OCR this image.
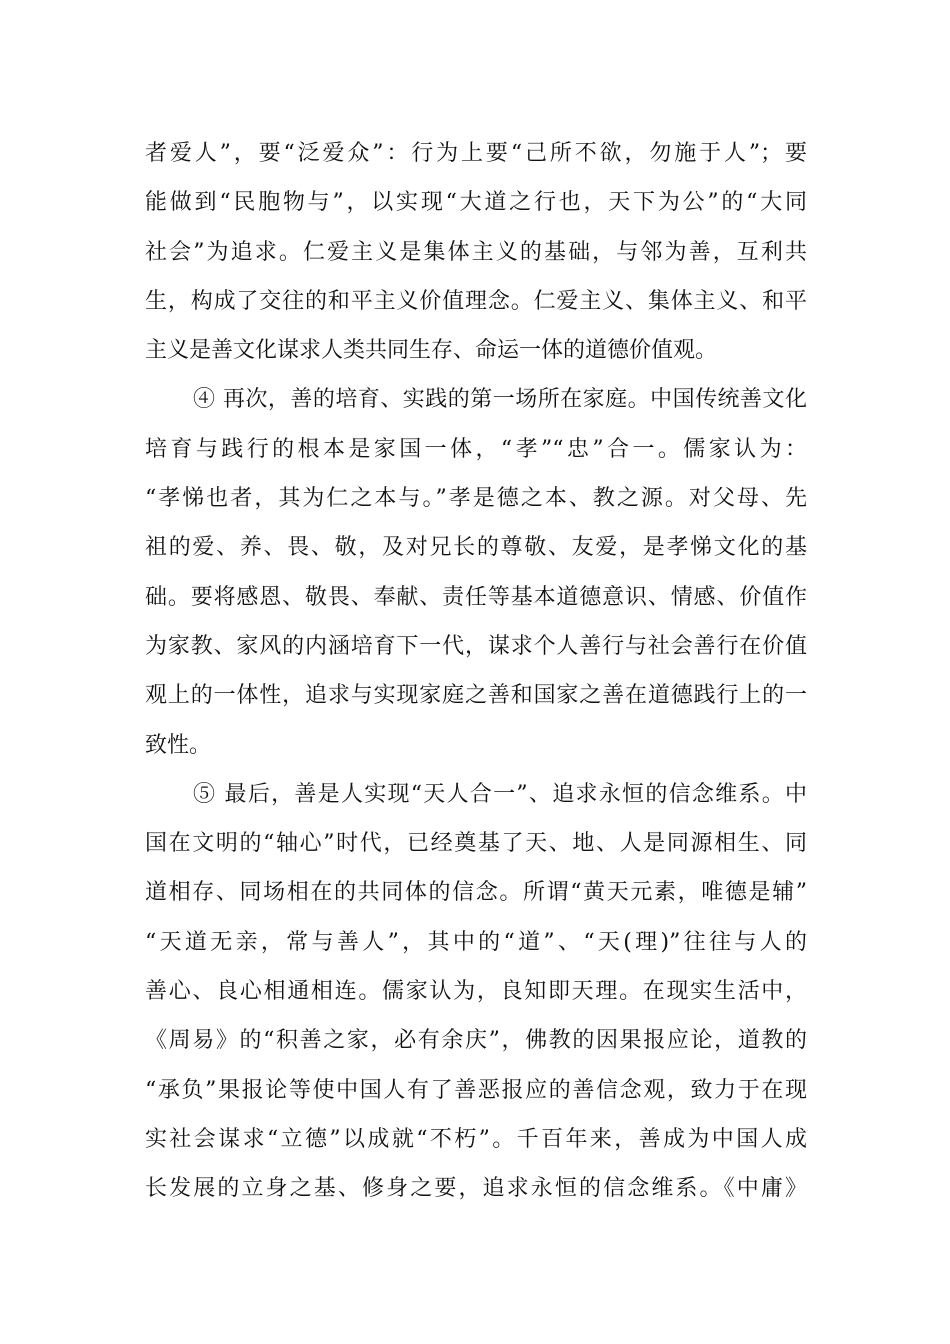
者爱人”，要“泛爱众”：行为上要“己所不欲，勿施于人”；要
能做到“民胞物与”，以实现“大道之行也，天下为公”的“大同
社会”为追求。仁爱主义是集体主义的基础，与邻为善，互利共
生，构成了交往的和平主义价值理念。仁爱主义、集体主义、和平
主义是善文化谋求人类共同生存、命运一体的道德价值观。
④ 再次，善的培育、实践的第一场所在家庭。中国传统善文化
培育与践行的根本是家国一体，“孝”“忠”合一。儒家认为：
“孝悌也者，其为仁之本与。”孝是德之本、教之源。对父母、先
祖的爱、养、畏、敬，及对兄长的尊敬、友爱，是孝悌文化的基
础。要将感恩、敬畏、奉献、责任等基本道德意识、情感、价值作
为家教、家风的内涵培育下一代，谋求个人善行与社会善行在价值
观上的一体性，追求与实现家庭之善和国家之善在道德践行上的一
致性。
⑤ 最后，善是人实现“天人合一”、追求永恒的信念维系。中
国在文明的“轴心”时代，已经奠基了天、地、人是同源相生、同
道相存、同场相在的共同体的信念。所谓“黄天元素，唯德是辅”
“天道无亲，常与善人”，其中的“道”、“天(理)”往往与人的
善心、良心相通相连。儒家认为，良知即天理。在现实生活中，
《周易》的“积善之家，必有余庆”，佛教的因果报应论，道教的
“承负”果报论等使中国人有了善恶报应的善信念观，致力于在现
实社会谋求“立德”以成就“不朽”。千百年来，善成为中国人成
长发展的立身之基、修身之要，追求永恒的信念维系。《中庸》
